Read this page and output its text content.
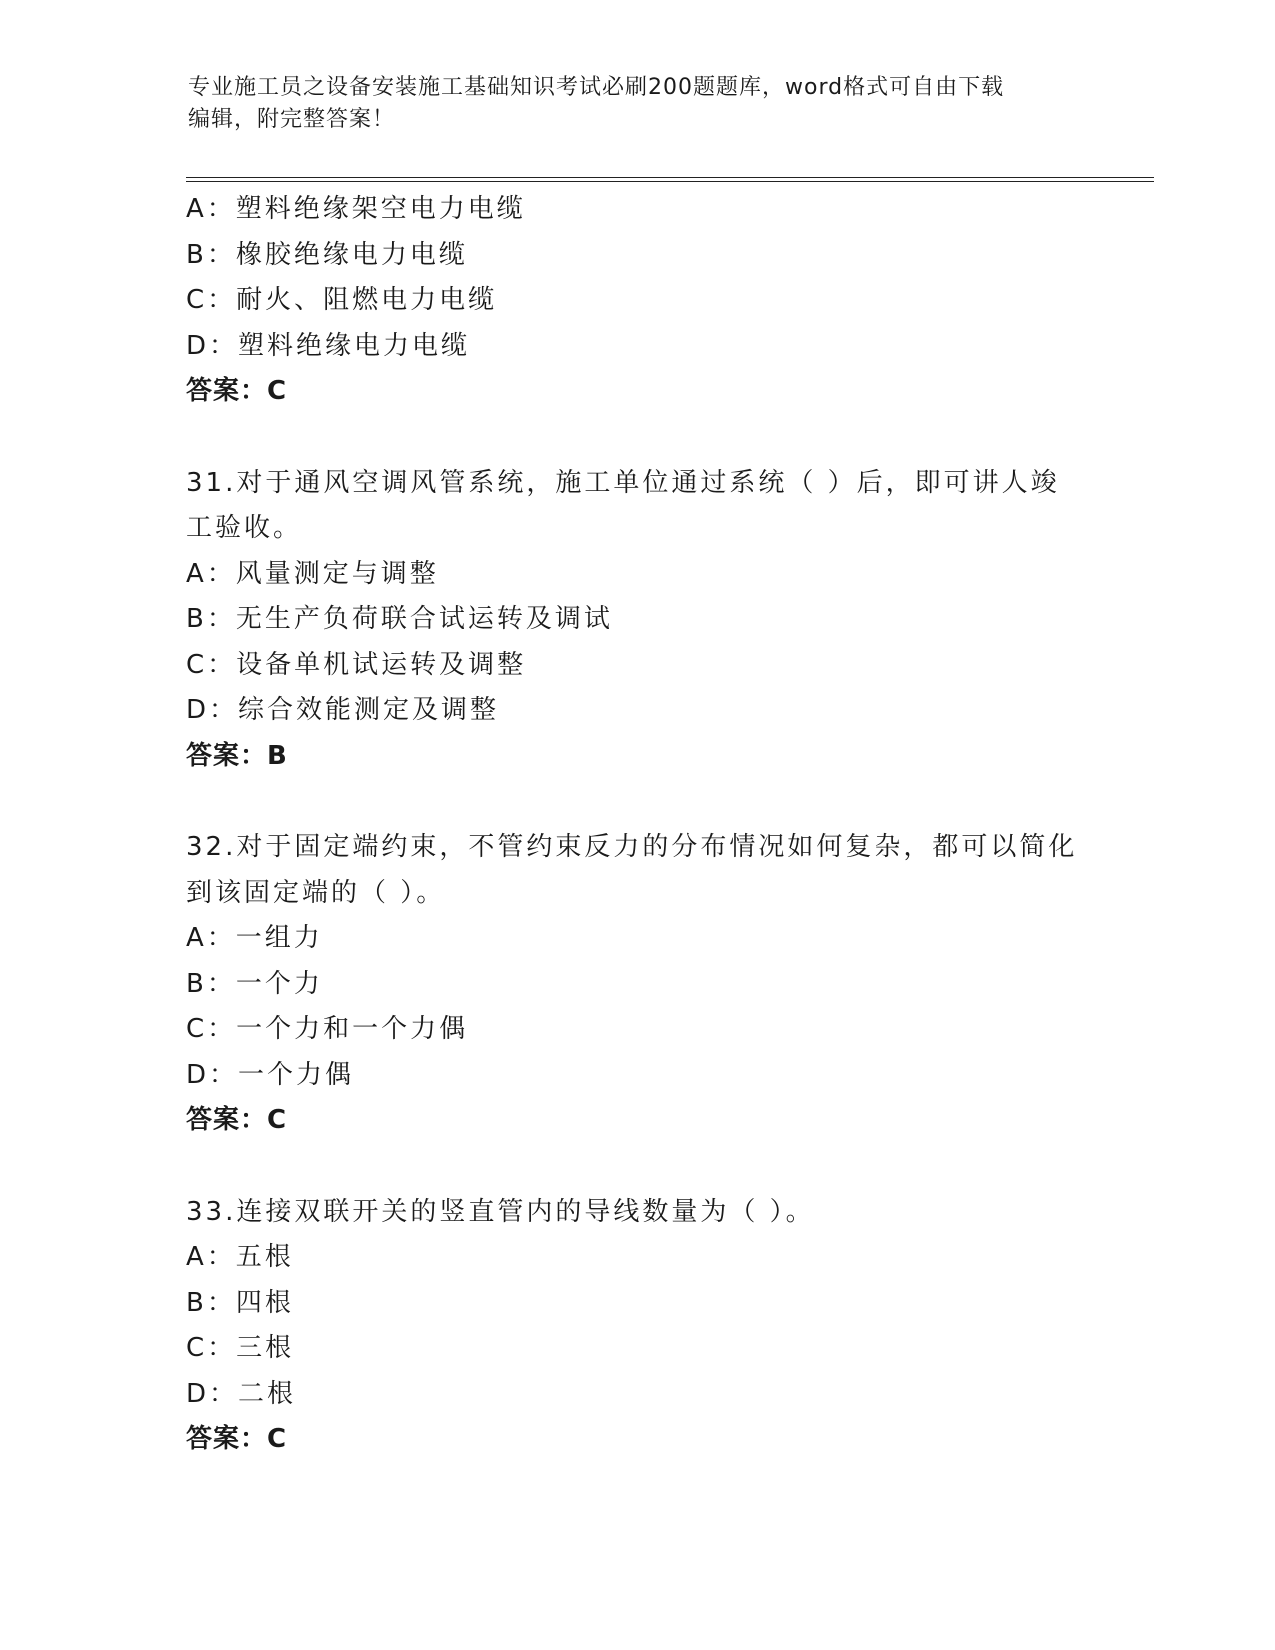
专业施工员之设备安装施工基础知识考试必刷200题题库，word格式可自由下载
编辑，附完整答案！
A：塑料绝缘架空电力电缆
B：橡胶绝缘电力电缆
C：耐火、阻燃电力电缆
D：塑料绝缘电力电缆
答案：C
31.对于通风空调风管系统，施工单位通过系统（ ）后，即可讲人竣
工验收。
A：风量测定与调整
B：无生产负荷联合试运转及调试
C：设备单机试运转及调整
D：综合效能测定及调整
答案：B
32.对于固定端约束，不管约束反力的分布情况如何复杂，都可以简化
到该固定端的（ ）。
A：一组力
B：一个力
C：一个力和一个力偶
D：一个力偶
答案：C
33.连接双联开关的竖直管内的导线数量为（ ）。
A：五根
B：四根
C：三根
D：二根
答案：C
